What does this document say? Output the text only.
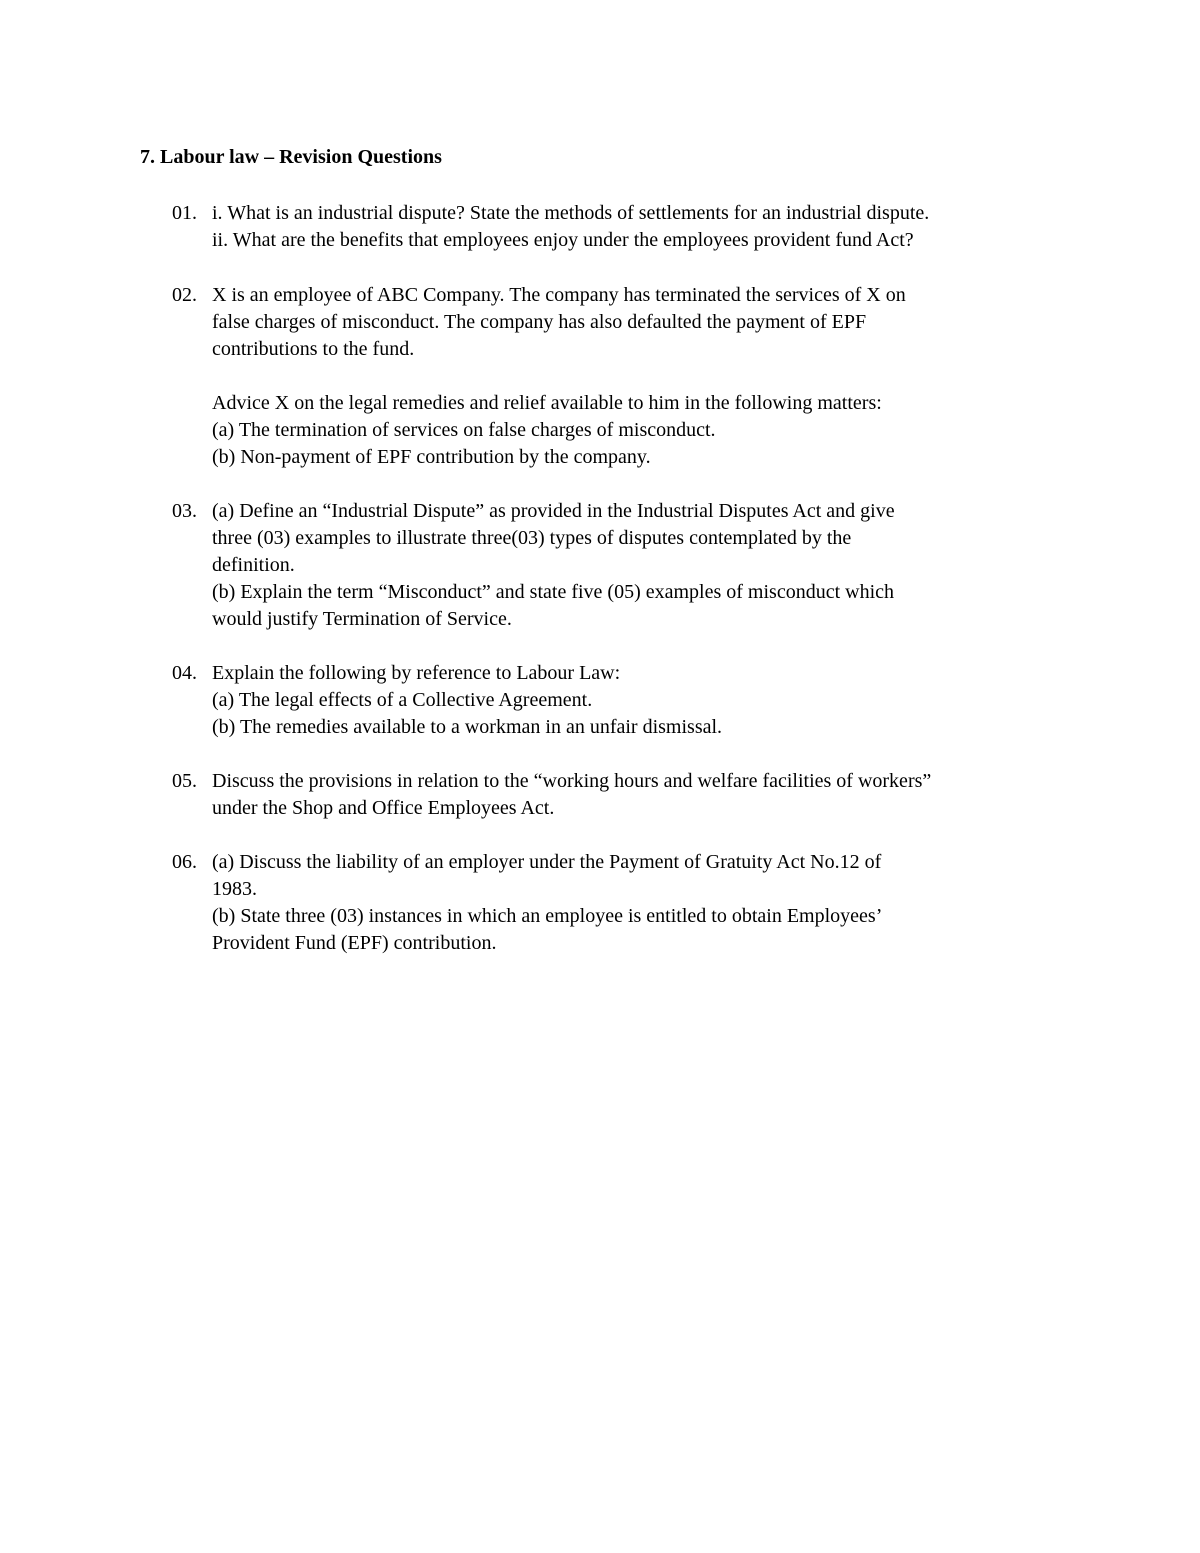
7. Labour law – Revision Questions
01. i. What is an industrial dispute? State the methods of settlements for an industrial dispute.
ii. What are the benefits that employees enjoy under the employees provident fund Act?
02. X is an employee of ABC Company. The company has terminated the services of X on
false charges of misconduct. The company has also defaulted the payment of EPF
contributions to the fund.
Advice X on the legal remedies and relief available to him in the following matters:
(a) The termination of services on false charges of misconduct.
(b) Non-payment of EPF contribution by the company.
03. (a) Define an “Industrial Dispute” as provided in the Industrial Disputes Act and give
three (03) examples to illustrate three(03) types of disputes contemplated by the
definition.
(b) Explain the term “Misconduct” and state five (05) examples of misconduct which
would justify Termination of Service.
04. Explain the following by reference to Labour Law:
(a) The legal effects of a Collective Agreement.
(b) The remedies available to a workman in an unfair dismissal.
05. Discuss the provisions in relation to the “working hours and welfare facilities of workers”
under the Shop and Office Employees Act.
06. (a) Discuss the liability of an employer under the Payment of Gratuity Act No.12 of
1983.
(b) State three (03) instances in which an employee is entitled to obtain Employees’
Provident Fund (EPF) contribution.
